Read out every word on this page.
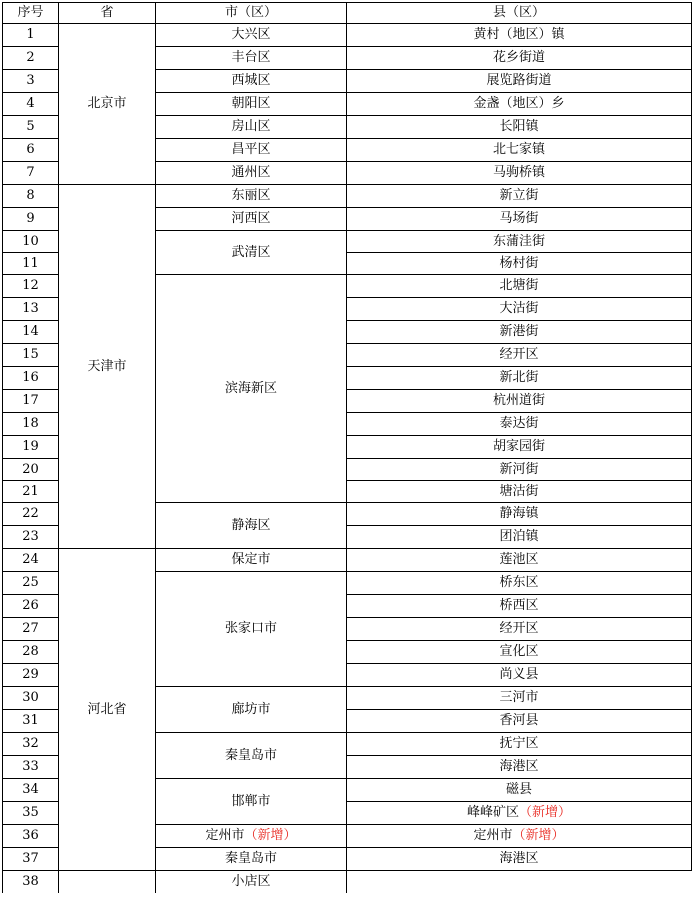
序号	省	市（区）	县（区）
1	北京市	大兴区	黄村（地区）镇
2		丰台区	花乡街道
3		西城区	展览路街道
4		朝阳区	金盏（地区）乡
5		房山区	长阳镇
6		昌平区	北七家镇
7		通州区	马驹桥镇
8	天津市	东丽区	新立街
9		河西区	马场街
10		武清区	东蒲洼街
11			杨村街
12		滨海新区	北塘街
13			大沽街
14			新港街
15			经开区
16			新北街
17			杭州道街
18			泰达街
19			胡家园街
20			新河街
21			塘沽街
22		静海区	静海镇
23			团泊镇
24	河北省	保定市	莲池区
25		张家口市	桥东区
26			桥西区
27			经开区
28			宣化区
29			尚义县
30		廊坊市	三河市
31			香河县
32		秦皇岛市	抚宁区
33			海港区
34		邯郸市	磁县
35			峰峰矿区（新增）
36		定州市（新增）	定州市（新增）
37		秦皇岛市	海港区
38		小店区	
